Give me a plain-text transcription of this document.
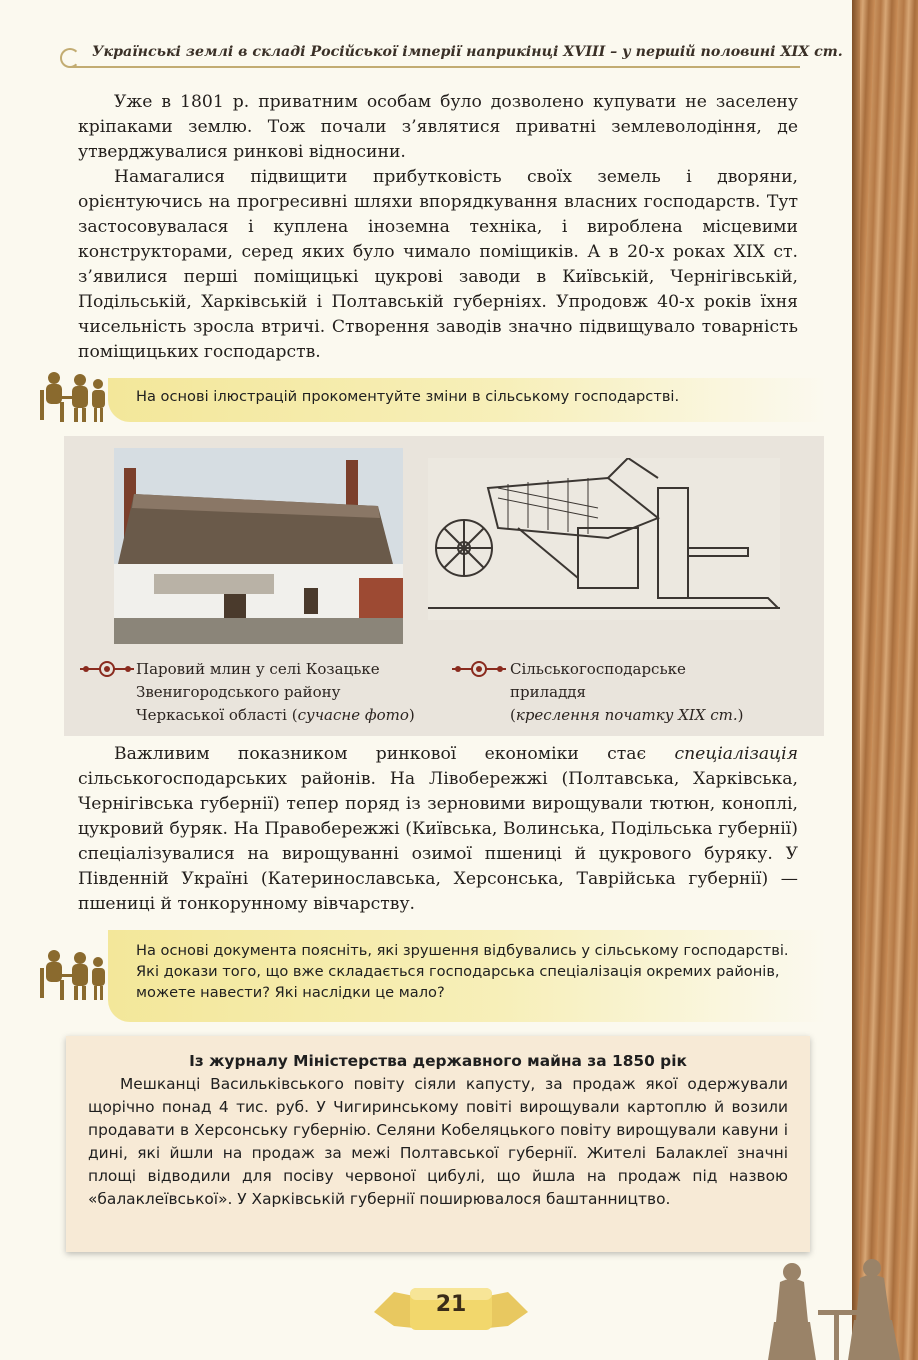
Українські землі в складі Російської імперії наприкінці XVIII – у першій половині XIX ст.

Уже в 1801 р. приватним особам було дозволено купувати не заселену кріпаками землю. Тож почали з’являтися приватні землеволодіння, де утверджувалися ринкові відносини.

Намагалися підвищити прибутковість своїх земель і дворяни, орієнтуючись на прогресивні шляхи впорядкування власних господарств. Тут застосовувалася і куплена іноземна техніка, і вироблена місцевими конструкторами, серед яких було чимало поміщиків. А в 20-х роках XIX ст. з’явилися перші поміщицькі цукрові заводи в Київській, Чернігівській, Подільській, Харківській і Полтавській губерніях. Упродовж 40-х років їхня чисельність зросла втричі. Створення заводів значно підвищувало товарність поміщицьких господарств.

На основі ілюстрацій прокоментуйте зміни в сільському господарстві.
Паровий млин у селі Козацьке
Звенигородського району
Черкаської області (сучасне фото)
Сільськогосподарське
приладдя
(креслення початку XIX ст.)

Важливим показником ринкової економіки стає спеціалізація сільськогосподарських районів. На Лівобережжі (Полтавська, Харківська, Чернігівська губернії) тепер поряд із зерновими вирощували тютюн, коноплі, цукровий буряк. На Правобережжі (Київська, Волинська, Подільська губернії) спеціалізувалися на вирощуванні озимої пшениці й цукрового буряку. У Південній Україні (Катеринославська, Херсонська, Таврійська губернії) — пшениці й тонкорунному вівчарству.

На основі документа поясніть, які зрушення відбувались у сільському господарстві. Які докази того, що вже складається господарська спеціалізація окремих районів, можете навести? Які наслідки це мало?
Із журналу Міністерства державного майна за 1850 рік
Мешканці Васильківського повіту сіяли капусту, за продаж якої одержували щорічно понад 4 тис. руб. У Чигиринському повіті вирощували картоплю й возили продавати в Херсонську губернію. Селяни Кобеляцького повіту вирощували кавуни і дині, які йшли на продаж за межі Полтавської губернії. Жителі Балаклеї значні площі відводили для посіву червоної цибулі, що йшла на продаж під назвою «балаклеївської». У Харківській губернії поширювалося баштанництво.
21
